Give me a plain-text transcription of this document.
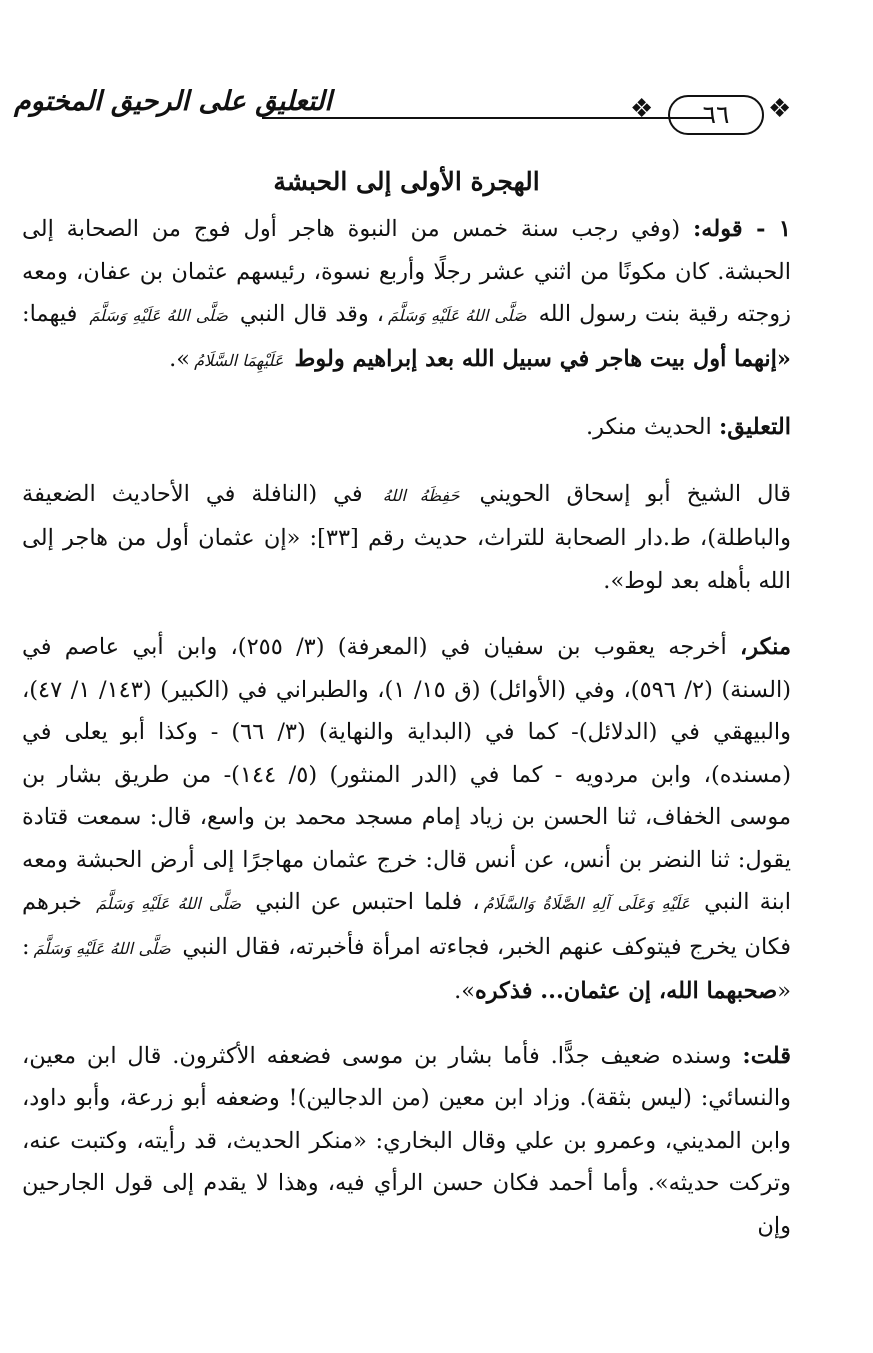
التعليق على الرحيق المختوم	❖	٦٦	❖
الهجرة الأولى إلى الحبشة

١ - قوله: (وفي رجب سنة خمس من النبوة هاجر أول فوج من الصحابة إلى الحبشة. كان مكونًا من اثني عشر رجلًا وأربع نسوة، رئيسهم عثمان بن عفان، ومعه زوجته رقية بنت رسول الله صَلَّى اللهُ عَلَيْهِ وَسَلَّمَ، وقد قال النبي صَلَّى اللهُ عَلَيْهِ وَسَلَّمَ فيهما: «إنهما أول بيت هاجر في سبيل الله بعد إبراهيم ولوط عَلَيْهِمَا السَّلَامُ».

التعليق: الحديث منكر.

قال الشيخ أبو إسحاق الحويني حَفِظَهُ اللهُ في (النافلة في الأحاديث الضعيفة والباطلة)، ط.دار الصحابة للتراث، حديث رقم [٣٣]: «إن عثمان أول من هاجر إلى الله بأهله بعد لوط».

منكر، أخرجه يعقوب بن سفيان في (المعرفة) (٣/ ٢٥٥)، وابن أبي عاصم في (السنة) (٢/ ٥٩٦)، وفي (الأوائل) (ق ١٥/ ١)، والطبراني في (الكبير) (١٤٣/ ١/ ٤٧)، والبيهقي في (الدلائل)- كما في (البداية والنهاية) (٣/ ٦٦) - وكذا أبو يعلى في (مسنده)، وابن مردويه - كما في (الدر المنثور) (٥/ ١٤٤)- من طريق بشار بن موسى الخفاف، ثنا الحسن بن زياد إمام مسجد محمد بن واسع، قال: سمعت قتادة يقول: ثنا النضر بن أنس، عن أنس قال: خرج عثمان مهاجرًا إلى أرض الحبشة ومعه ابنة النبي عَلَيْهِ وَعَلَى آلِهِ الصَّلَاةُ وَالسَّلَامُ، فلما احتبس عن النبي صَلَّى اللهُ عَلَيْهِ وَسَلَّمَ خبرهم فكان يخرج فيتوكف عنهم الخبر، فجاءته امرأة فأخبرته، فقال النبي صَلَّى اللهُ عَلَيْهِ وَسَلَّمَ: «صحبهما الله، إن عثمان... فذكره».

قلت: وسنده ضعيف جدًّا. فأما بشار بن موسى فضعفه الأكثرون. قال ابن معين، والنسائي: (ليس بثقة). وزاد ابن معين (من الدجالين)! وضعفه أبو زرعة، وأبو داود، وابن المديني، وعمرو بن علي وقال البخاري: «منكر الحديث، قد رأيته، وكتبت عنه، وتركت حديثه». وأما أحمد فكان حسن الرأي فيه، وهذا لا يقدم إلى قول الجارحين وإن
